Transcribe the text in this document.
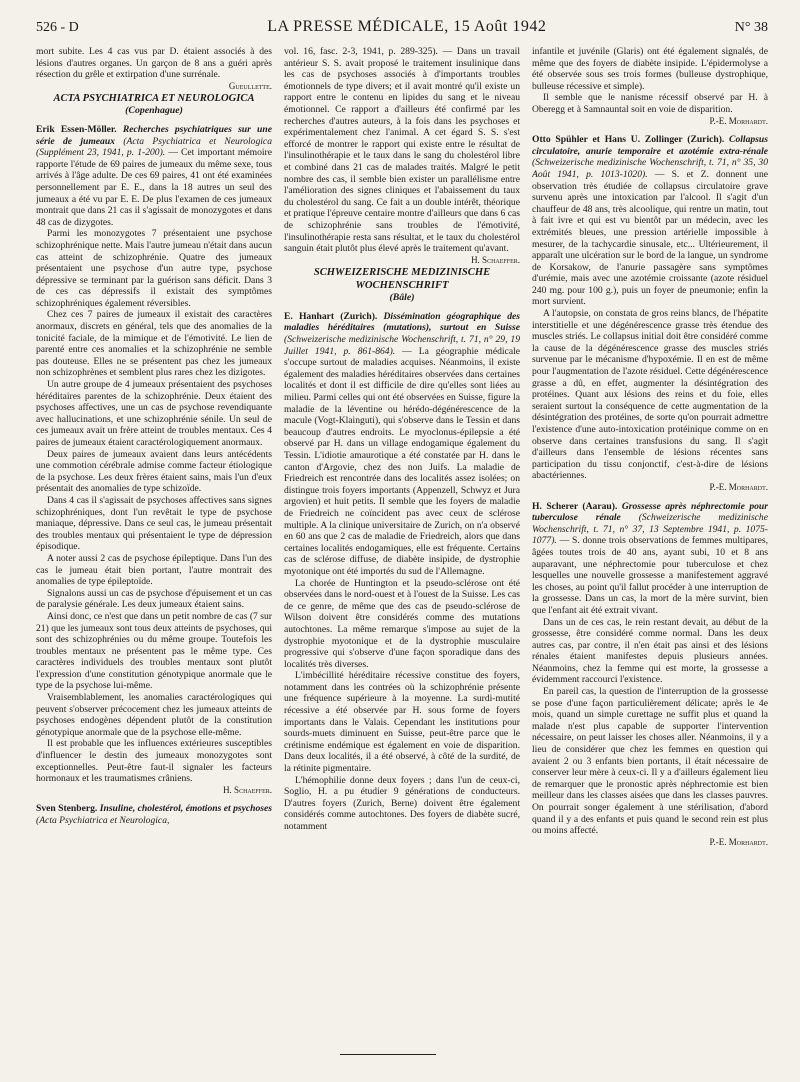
526 - D	LA PRESSE MÉDICALE, 15 Août 1942	N° 38

mort subite. Les 4 cas vus par D. étaient associés à des lésions d'autres organes. Un garçon de 8 ans a guéri après résection du grêle et extirpation d'une surrénale.

Gueullette.

ACTA PSYCHIATRICA ET NEUROLOGICA

(Copenhague)

Erik Essen-Möller. Recherches psychiatriques sur une série de jumeaux (Acta Psychiatrica et Neurologica (Supplément 23, 1941, p. 1-200). — Cet important mémoire rapporte l'étude de 69 paires de jumeaux du même sexe, tous arrivés à l'âge adulte. De ces 69 paires, 41 ont été examinées personnellement par E. E., dans la 18 autres un seul des jumeaux a été vu par E. E. De plus l'examen de ces jumeaux montrait que dans 21 cas il s'agissait de monozygotes et dans 48 cas de dizygotes.

Parmi les monozygotes 7 présentaient une psychose schizophrénique nette. Mais l'autre jumeau n'était dans aucun cas atteint de schizophrénie. Quatre des jumeaux présentaient une psychose d'un autre type, psychose dépressive se terminant par la guérison sans déficit. Dans 3 de ces cas dépressifs il existait des symptômes schizophréniques également réversibles.

Chez ces 7 paires de jumeaux il existait des caractères anormaux, discrets en général, tels que des anomalies de la tonicité faciale, de la mimique et de l'émotivité. Le lien de parenté entre ces anomalies et la schizophrénie ne semble pas douteuse. Elles ne se présentent pas chez les jumeaux non schizophrènes et semblent plus rares chez les dizigotes.

Un autre groupe de 4 jumeaux présentaient des psychoses héréditaires parentes de la schizophrénie. Deux étaient des psychoses affectives, une un cas de psychose revendiquante avec hallucinations, et une schizophrénie sénile. Un seul de ces jumeaux avait un frère atteint de troubles mentaux. Ces 4 paires de jumeaux étaient caractérologiquement anormaux.

Deux paires de jumeaux avaient dans leurs antécédents une commotion cérébrale admise comme facteur étiologique de la psychose. Les deux frères étaient sains, mais l'un d'eux présentait des anomalies de type schizoïde.

Dans 4 cas il s'agissait de psychoses affectives sans signes schizophréniques, dont l'un revêtait le type de psychose maniaque, dépressive. Dans ce seul cas, le jumeau présentait des troubles mentaux qui présentaient le type de dépression épisodique.

A noter aussi 2 cas de psychose épileptique. Dans l'un des cas le jumeau était bien portant, l'autre montrait des anomalies de type épileptoïde.

Signalons aussi un cas de psychose d'épuisement et un cas de paralysie générale. Les deux jumeaux étaient sains.

Ainsi donc, ce n'est que dans un petit nombre de cas (7 sur 21) que les jumeaux sont tous deux atteints de psychoses, qui sont des schizophrénies ou du même groupe. Toutefois les troubles mentaux ne présentent pas le même type. Ces caractères individuels des troubles mentaux sont plutôt l'expression d'une constitution génotypique anormale que le type de la psychose lui-même.

Vraisemblablement, les anomalies caractérologiques qui peuvent s'observer précocement chez les jumeaux atteints de psychoses endogènes dépendent plutôt de la constitution génotypique anormale que de la psychose elle-même.

Il est probable que les influences extérieures susceptibles d'influencer le destin des jumeaux monozygotes sont exceptionnelles. Peut-être faut-il signaler les facteurs hormonaux et les traumatismes crâniens.

H. Schaeffer.

Sven Stenberg. Insuline, cholestérol, émotions et psychoses (Acta Psychiatrica et Neurologica,

vol. 16, fasc. 2-3, 1941, p. 289-325). — Dans un travail antérieur S. S. avait proposé le traitement insulinique dans les cas de psychoses associés à d'importants troubles émotionnels de type divers; et il avait montré qu'il existe un rapport entre le contenu en lipides du sang et le niveau émotionnel. Ce rapport a d'ailleurs été confirmé par les recherches d'autres auteurs, à la fois dans les psychoses et expérimentalement chez l'animal. A cet égard S. S. s'est efforcé de montrer le rapport qui existe entre le résultat de l'insulinothérapie et le taux dans le sang du cholestérol libre et combiné dans 21 cas de malades traités. Malgré le petit nombre des cas, il semble bien exister un parallélisme entre l'amélioration des signes cliniques et l'abaissement du taux du cholestérol du sang. Ce fait a un double intérêt, théorique et pratique l'épreuve centaire montre d'ailleurs que dans 6 cas de schizophrénie sans troubles de l'émotivité, l'insulinothérapie resta sans résultat, et le taux du cholestérol sanguin était plutôt plus élevé après le traitement qu'avant.

H. Schaeffer.

SCHWEIZERISCHE MEDIZINISCHE WOCHENSCHRIFT

(Bâle)

E. Hanhart (Zurich). Dissémination géographique des maladies héréditaires (mutations), surtout en Suisse (Schweizerische medizinische Wochenschrift, t. 71, n° 29, 19 Juillet 1941, p. 861-864). — La géographie médicale s'occupe surtout de maladies acquises. Néanmoins, il existe également des maladies héréditaires observées dans certaines localités et dont il est difficile de dire qu'elles sont liées au milieu. Parmi celles qui ont été observées en Suisse, figure la maladie de la léventine ou hérédo-dégénérescence de la macule (Vogt-Klainguti), qui s'observe dans le Tessin et dans beaucoup d'autres endroits. Le myoclonus-épilepsie a été observé par H. dans un village endogamique également du Tessin. L'idiotie amaurotique a été constatée par H. dans le canton d'Argovie, chez des non Juifs. La maladie de Friedreich est rencontrée dans des localités assez isolées; on distingue trois foyers importants (Appenzell, Schwyz et Jura argovien) et huit petits. Il semble que les foyers de maladie de Friedreich ne coïncident pas avec ceux de sclérose multiple. A la clinique universitaire de Zurich, on n'a observé en 60 ans que 2 cas de maladie de Friedreich, alors que dans certaines localités endogamiques, elle est fréquente. Certains cas de sclérose diffuse, de diabète insipide, de dystrophie myotonique ont été importés du sud de l'Allemagne.

La chorée de Huntington et la pseudo-sclérose ont été observées dans le nord-ouest et à l'ouest de la Suisse. Les cas de ce genre, de même que des cas de pseudo-sclérose de Wilson doivent être considérés comme des mutations autochtones. La même remarque s'impose au sujet de la dystrophie myotonique et de la dystrophie musculaire progressive qui s'observe d'une façon sporadique dans des localités très diverses.

L'imbécillité héréditaire récessive constitue des foyers, notamment dans les contrées où la schizophrénie présente une fréquence supérieure à la moyenne. La surdi-mutité récessive a été observée par H. sous forme de foyers importants dans le Valais. Cependant les institutions pour sourds-muets diminuent en Suisse, peut-être parce que le crétinisme endémique est également en voie de disparition. Dans deux localités, il a été observé, à côté de la surdité, de la rétinite pigmentaire.

L'hémophilie donne deux foyers ; dans l'un de ceux-ci, Soglio, H. a pu étudier 9 générations de conducteurs. D'autres foyers (Zurich, Berne) doivent être également considérés comme autochtones. Des foyers de diabète sucré, notamment

infantile et juvénile (Glaris) ont été également signalés, de même que des foyers de diabète insipide. L'épidermolyse a été observée sous ses trois formes (bulleuse dystrophique, bulleuse récessive et simple).

Il semble que le nanisme récessif observé par H. à Oberegg et à Samnauntal soit en voie de disparition.

P.-E. Morhardt.

Otto Spühler et Hans U. Zollinger (Zurich). Collapsus circulatoire, anurie temporaire et azotémie extra-rénale (Schweizerische medizinische Wochenschrift, t. 71, n° 35, 30 Août 1941, p. 1013-1020). — S. et Z. donnent une observation très étudiée de collapsus circulatoire grave survenu après une intoxication par l'alcool. Il s'agit d'un chauffeur de 48 ans, très alcoolique, qui rentre un matin, tout à fait ivre et qui est vu bientôt par un médecin, avec les extrémités bleues, une pression artérielle impossible à mesurer, de la tachycardie sinusale, etc... Ultérieurement, il apparaît une ulcération sur le bord de la langue, un syndrome de Korsakow, de l'anurie passagère sans symptômes d'urémie, mais avec une azotémie croissante (azote résiduel 240 mg. pour 100 g.), puis un foyer de pneumonie; enfin la mort survient.

A l'autopsie, on constata de gros reins blancs, de l'hépatite interstitielle et une dégénérescence grasse très étendue des muscles striés. Le collapsus initial doit être considéré comme la cause de la dégénérescence grasse des muscles striés survenue par le mécanisme d'hypoxémie. Il en est de même pour l'augmentation de l'azote résiduel. Cette dégénérescence grasse a dû, en effet, augmenter la désintégration des protéines. Quant aux lésions des reins et du foie, elles seraient surtout la conséquence de cette augmentation de la désintégration des protéines, de sorte qu'on pourrait admettre l'existence d'une auto-intoxication protéinique comme on en observe dans certaines transfusions du sang. Il s'agit d'ailleurs dans l'ensemble de lésions récentes sans participation du tissu conjonctif, c'est-à-dire de lésions abactériennes.

P.-E. Morhardt.

H. Scherer (Aarau). Grossesse après néphrectomie pour tuberculose rénale (Schweizerische medizinische Wochenschrift, t. 71, n° 37, 13 Septembre 1941, p. 1075-1077). — S. donne trois observations de femmes multipares, âgées toutes trois de 40 ans, ayant subi, 10 et 8 ans auparavant, une néphrectomie pour tuberculose et chez lesquelles une nouvelle grossesse a manifestement aggravé les choses, au point qu'il fallut procéder à une interruption de la grossesse. Dans un cas, la mort de la mère survint, bien que l'enfant ait été extrait vivant.

Dans un de ces cas, le rein restant devait, au début de la grossesse, être considéré comme normal. Dans les deux autres cas, par contre, il n'en était pas ainsi et des lésions rénales étaient manifestes depuis plusieurs années. Néanmoins, chez la femme qui est morte, la grossesse a évidemment raccourci l'existence.

En pareil cas, la question de l'interruption de la grossesse se pose d'une façon particulièrement délicate; après le 4e mois, quand un simple curettage ne suffit plus et quand la malade n'est plus capable de supporter l'intervention nécessaire, on peut laisser les choses aller. Néanmoins, il y a lieu de considérer que chez les femmes en question qui avaient 2 ou 3 enfants bien portants, il était nécessaire de conserver leur mère à ceux-ci. Il y a d'ailleurs également lieu de remarquer que le pronostic après néphrectomie est bien meilleur dans les classes aisées que dans les classes pauvres. On pourrait songer également à une stérilisation, d'abord quand il y a des enfants et puis quand le second rein est plus ou moins affecté.

P.-E. Morhardt.
